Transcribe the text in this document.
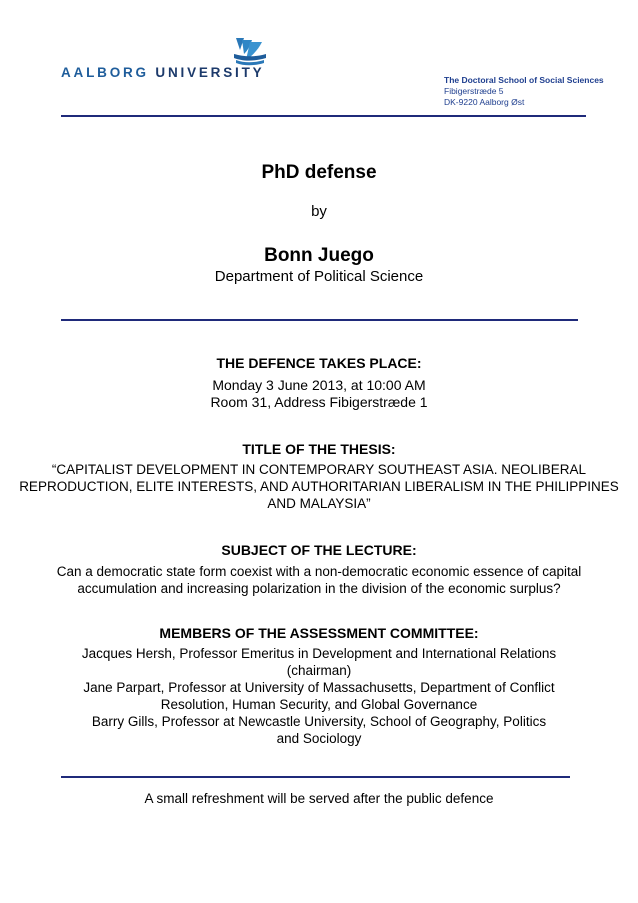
AALBORG UNIVERSITY	The Doctoral School of Social Sciences
Fibigerstræde 5
DK-9220 Aalborg Øst
PhD defense
by
Bonn Juego
Department of Political Science
THE DEFENCE TAKES PLACE:
Monday 3 June 2013, at 10:00 AM
Room 31, Address Fibigerstræde 1
TITLE OF THE THESIS:
“CAPITALIST DEVELOPMENT IN CONTEMPORARY SOUTHEAST ASIA. NEOLIBERAL REPRODUCTION, ELITE INTERESTS, AND AUTHORITARIAN LIBERALISM IN THE PHILIPPINES AND MALAYSIA”
SUBJECT OF THE LECTURE:
Can a democratic state form coexist with a non-democratic economic essence of capital accumulation and increasing polarization in the division of the economic surplus?
MEMBERS OF THE ASSESSMENT COMMITTEE:
Jacques Hersh, Professor Emeritus in Development and International Relations (chairman)
Jane Parpart, Professor at University of Massachusetts, Department of Conflict Resolution, Human Security, and Global Governance
Barry Gills, Professor at Newcastle University, School of Geography, Politics and Sociology
A small refreshment will be served after the public defence
